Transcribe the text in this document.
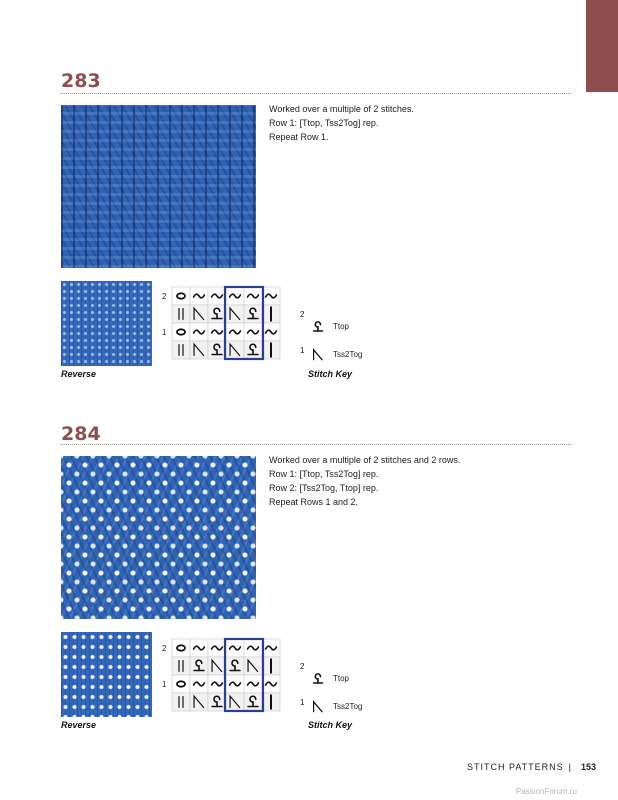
283
Worked over a multiple of 2 stitches.
Row 1: [Ttop, Tss2Tog] rep.
Repeat Row 1.
Reverse
2
1
2
1
Ttop
Tss2Tog
Stitch Key
284
Worked over a multiple of 2 stitches and 2 rows.
Row 1: [Ttop, Tss2Tog] rep.
Row 2: [Tss2Tog, Ttop] rep.
Repeat Rows 1 and 2.
Reverse
2
1
2
1
Ttop
Tss2Tog
Stitch Key
STITCH PATTERNS | 153
PassionForum.ru
